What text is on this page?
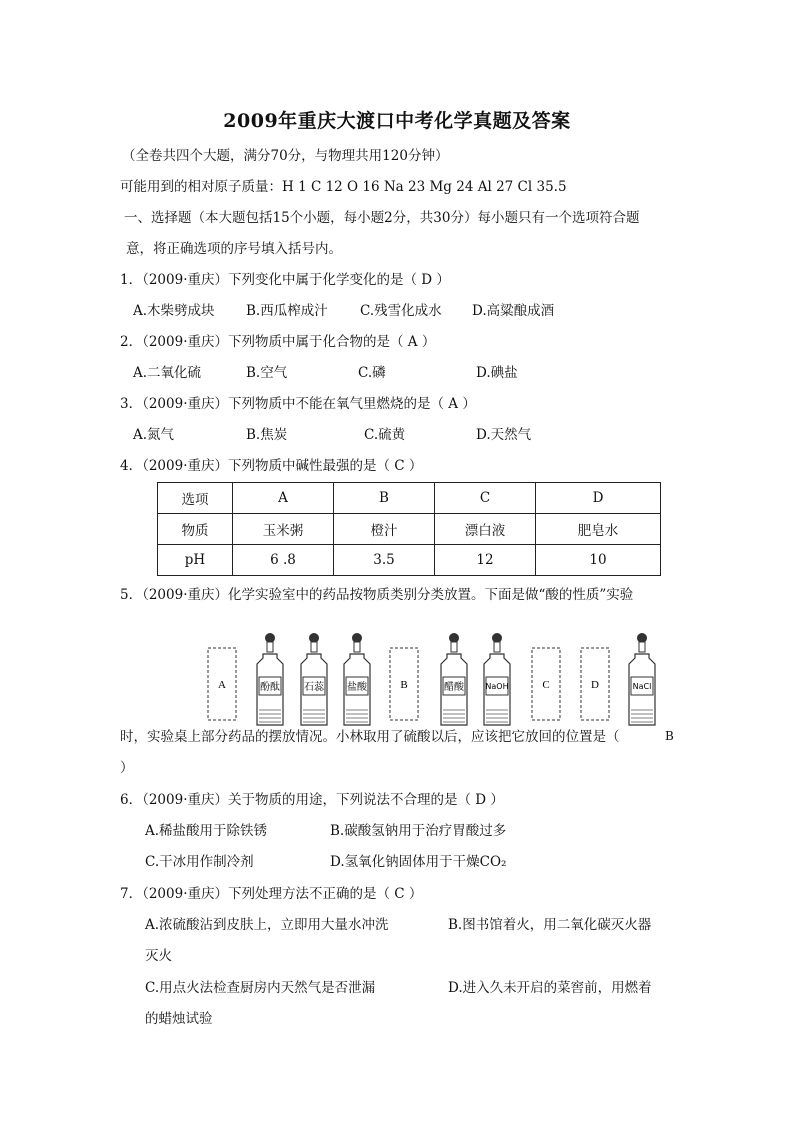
2009年重庆大渡口中考化学真题及答案
（全卷共四个大题，满分70分，与物理共用120分钟）
可能用到的相对原子质量：H 1 C 12 O 16 Na 23 Mg 24 Al 27 Cl 35.5
一、选择题（本大题包括15个小题，每小题2分，共30分）每小题只有一个选项符合题
意，将正确选项的序号填入括号内。
1．（2009·重庆）下列变化中属于化学变化的是（ D ）
A.木柴劈成块 B.西瓜榨成汁 C.残雪化成水 D.高粱酿成酒
2．（2009·重庆）下列物质中属于化合物的是（ A ）
A.二氧化硫	B.空气	C.磷	D.碘盐
3．（2009·重庆）下列物质中不能在氧气里燃烧的是（ A ）
A.氮气	B.焦炭	C.硫黄	D.天然气
4．（2009·重庆）下列物质中碱性最强的是（ C ）
选项	A	B	C	D
物质	玉米粥	橙汁	漂白液	肥皂水
pH	6 .8	3.5	12	10
5．（2009·重庆）化学实验室中的药品按物质类别分类放置。下面是做“酸的性质”实验
A	B	C	D
酚酞 石蕊 盐酸	醋酸	NaOH	NaCl
时，实验桌上部分药品的摆放情况。小林取用了硫酸以后，应该把它放回的位置是（	B
）
6．（2009·重庆）关于物质的用途，下列说法不合理的是（ D ）
A.稀盐酸用于除铁锈	B.碳酸氢钠用于治疗胃酸过多
C.干冰用作制冷剂	D.氢氧化钠固体用于干燥CO₂
7．（2009·重庆）下列处理方法不正确的是（ C ）
A.浓硫酸沾到皮肤上，立即用大量水冲洗	B.图书馆着火，用二氧化碳灭火器
灭火
C.用点火法检查厨房内天然气是否泄漏	D.进入久未开启的菜窖前，用燃着
的蜡烛试验
